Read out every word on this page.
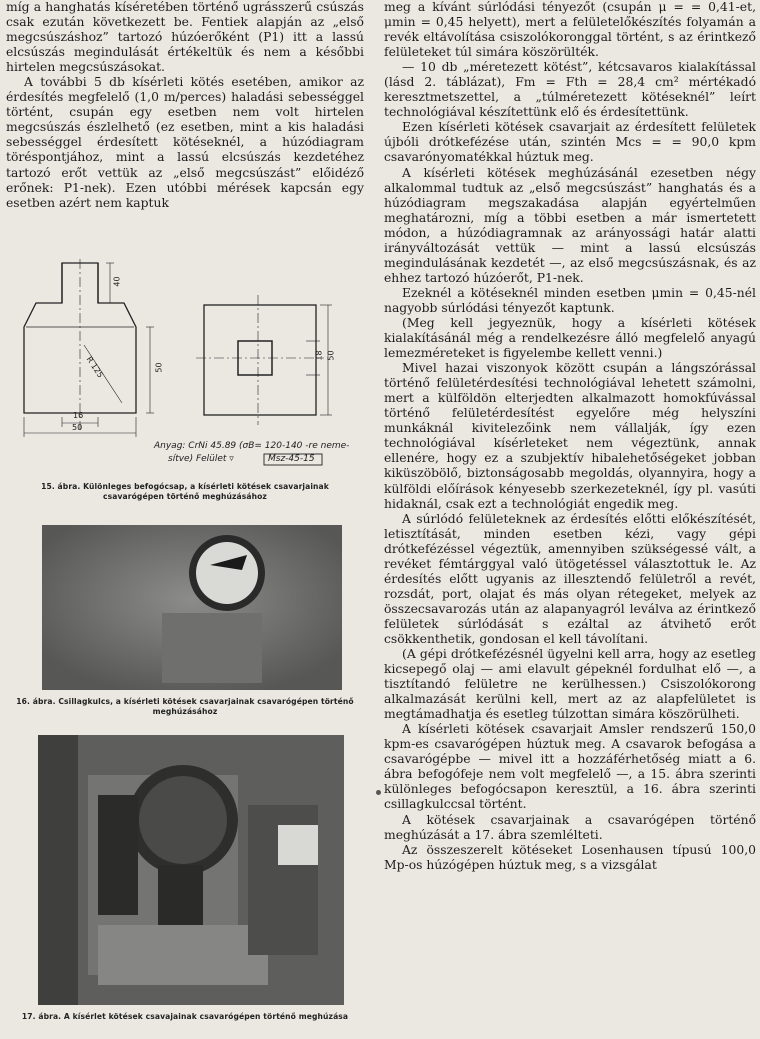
míg a hanghatás kíséretében történő ugrásszerű csúszás csak ezután következett be. Fentiek alapján az „első megcsúszáshoz” tartozó húzóerőként (P1) itt a lassú elcsúszás megindulását értékeltük és nem a későbbi hirtelen megcsúszásokat.

A további 5 db kísérleti kötés esetében, amikor az érdesítés megfelelő (1,0 m/perces) haladási sebességgel történt, csupán egy esetben nem volt hirtelen megcsúszás észlelhető (ez esetben, mint a kis haladási sebességgel érdesített kötéseknél, a húzódiagram töréspontjához, mint a lassú elcsúszás kezdetéhez tartozó erőt vettük az „első megcsúszást” előidéző erőnek: P1-nek). Ezen utóbbi mérések kapcsán egy esetben azért nem kaptuk

R 125	50
40
16
50
18 50
Anyag: CrNi 45.89 (σB= 120-140 -re neme-
sítve) Felület ▿	Msz-45-15
15. ábra. Különleges befogócsap, a kísérleti kötések csavarjainak csavarógépen történő meghúzásához
16. ábra. Csillagkulcs, a kísérleti kötések csavarjainak csavarógépen történő meghúzásához
17. ábra. A kísérlet kötések csavajainak csavarógépen történő meghúzása

meg a kívánt súrlódási tényezőt (csupán μ = = 0,41-et, μmin = 0,45 helyett), mert a felületelőkészítés folyamán a revék eltávolítása csiszolókoronggal történt, s az érintkező felületeket túl simára köszörülték.

— 10 db „méretezett kötést”, kétcsavaros kialakítással (lásd 2. táblázat), Fm = Fth = 28,4 cm² mértékadó keresztmetszettel, a „túlméretezett kötéseknél” leírt technológiával készítettünk elő és érdesítettünk.

Ezen kísérleti kötések csavarjait az érdesített felületek újbóli drótkefézése után, szintén Mcs = = 90,0 kpm csavarónyomatékkal húztuk meg.

A kísérleti kötések meghúzásánál ezesetben négy alkalommal tudtuk az „első megcsúszást” hanghatás és a húzódiagram megszakadása alapján egyértelműen meghatározni, míg a többi esetben a már ismertetett módon, a húzódiagramnak az arányossági határ alatti irányváltozását vettük — mint a lassú elcsúszás megindulásának kezdetét —, az első megcsúszásnak, és az ehhez tartozó húzóerőt, P1-nek.

Ezeknél a kötéseknél minden esetben μmin = 0,45-nél nagyobb súrlódási tényezőt kaptunk.

(Meg kell jegyeznük, hogy a kísérleti kötések kialakításánál még a rendelkezésre álló megfelelő anyagú lemezméreteket is figyelembe kellett venni.)

Mivel hazai viszonyok között csupán a lángszórással történő felületérdesítési technológiával lehetett számolni, mert a külföldön elterjedten alkalmazott homokfúvással történő felületérdesítést egyelőre még helyszíni munkáknál kivitelezőink nem vállalják, így ezen technológiával kísérleteket nem végeztünk, annak ellenére, hogy ez a szubjektív hibalehetőségeket jobban kiküszöbölő, biztonságosabb megoldás, olyannyira, hogy a külföldi előírások kényesebb szerkezeteknél, így pl. vasúti hidaknál, csak ezt a technológiát engedik meg.

A súrlódó felületeknek az érdesítés előtti előkészítését, letisztítását, minden esetben kézi, vagy gépi drótkefézéssel végeztük, amennyiben szükségessé vált, a revéket fémtárggyal való ütögetéssel választottuk le. Az érdesítés előtt ugyanis az illesztendő felületről a revét, rozsdát, port, olajat és más olyan rétegeket, melyek az összecsavarozás után az alapanyagról leválva az érintkező felületek súrlódását s ezáltal az átvihető erőt csökkenthetik, gondosan el kell távolítani.

(A gépi drótkefézésnél ügyelni kell arra, hogy az esetleg kicsepegő olaj — ami elavult gépeknél fordulhat elő —, a tisztítandó felületre ne kerülhessen.) Csiszolókorong alkalmazását kerülni kell, mert az az alapfelületet is megtámadhatja és esetleg túlzottan simára köszörülheti.

A kísérleti kötések csavarjait Amsler rendszerű 150,0 kpm-es csavarógépen húztuk meg. A csavarok befogása a csavarógépbe — mivel itt a hozzáférhetőség miatt a 6. ábra befogófeje nem volt megfelelő —, a 15. ábra szerinti különleges befogócsapon keresztül, a 16. ábra szerinti csillagkulccsal történt.

A kötések csavarjainak a csavarógépen történő meghúzását a 17. ábra szemlélteti.

Az összeszerelt kötéseket Losenhausen típusú 100,0 Mp-os húzógépen húztuk meg, s a vizsgálat
